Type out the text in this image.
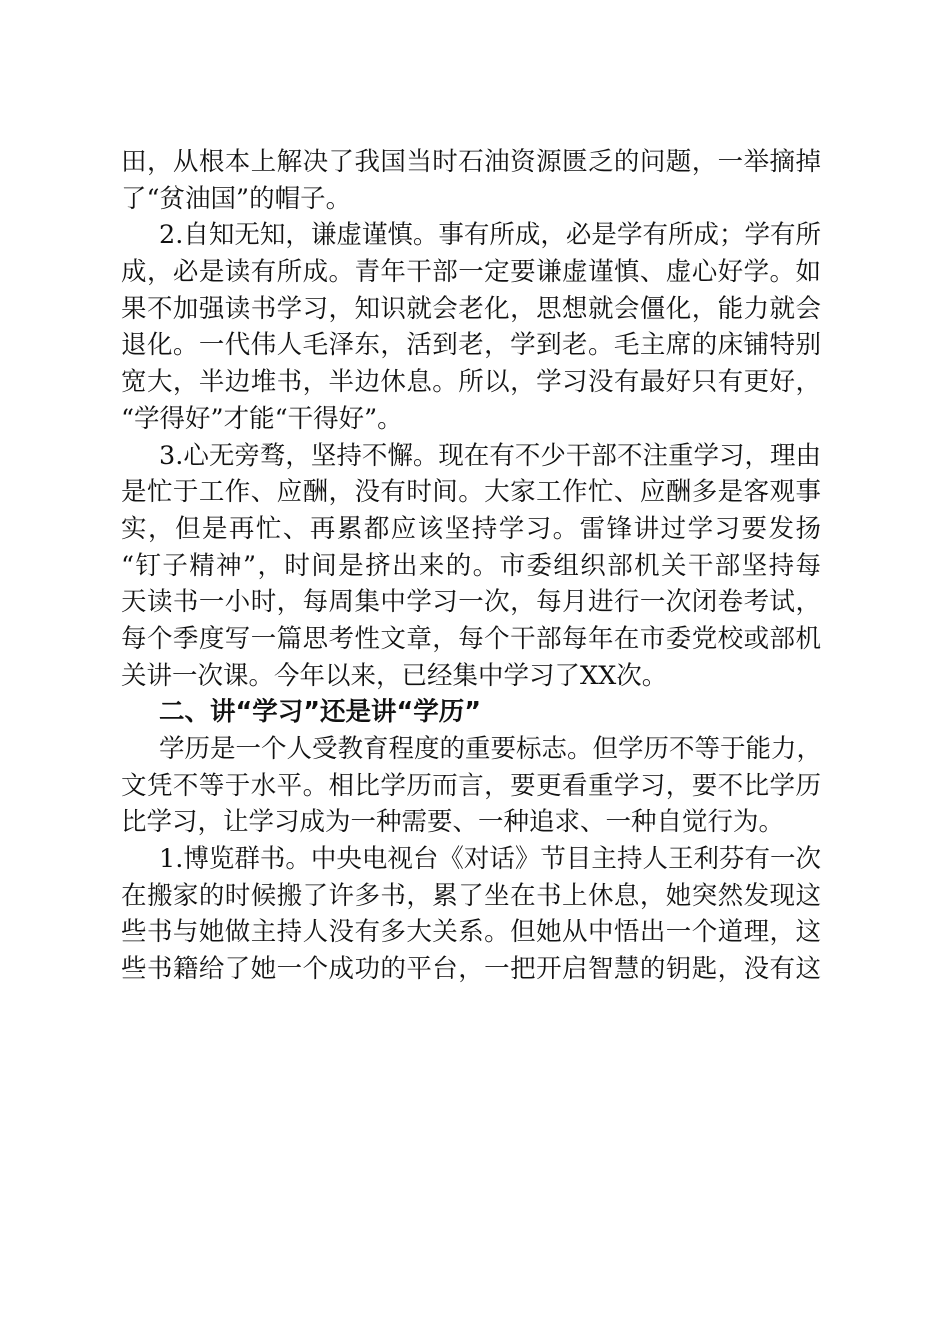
田，从根本上解决了我国当时石油资源匮乏的问题，一举摘掉
了“贫油国”的帽子。
2.自知无知，谦虚谨慎。事有所成，必是学有所成；学有所
成，必是读有所成。青年干部一定要谦虚谨慎、虚心好学。如
果不加强读书学习，知识就会老化，思想就会僵化，能力就会
退化。一代伟人毛泽东，活到老，学到老。毛主席的床铺特别
宽大，半边堆书，半边休息。所以，学习没有最好只有更好，
“学得好”才能“干得好”。
3.心无旁骛，坚持不懈。现在有不少干部不注重学习，理由
是忙于工作、应酬，没有时间。大家工作忙、应酬多是客观事
实，但是再忙、再累都应该坚持学习。雷锋讲过学习要发扬
“钉子精神”，时间是挤出来的。市委组织部机关干部坚持每
天读书一小时，每周集中学习一次，每月进行一次闭卷考试，
每个季度写一篇思考性文章，每个干部每年在市委党校或部机
关讲一次课。今年以来，已经集中学习了XX次。
二、讲“学习”还是讲“学历”
学历是一个人受教育程度的重要标志。但学历不等于能力，
文凭不等于水平。相比学历而言，要更看重学习，要不比学历
比学习，让学习成为一种需要、一种追求、一种自觉行为。
1.博览群书。中央电视台《对话》节目主持人王利芬有一次
在搬家的时候搬了许多书，累了坐在书上休息，她突然发现这
些书与她做主持人没有多大关系。但她从中悟出一个道理，这
些书籍给了她一个成功的平台，一把开启智慧的钥匙，没有这
